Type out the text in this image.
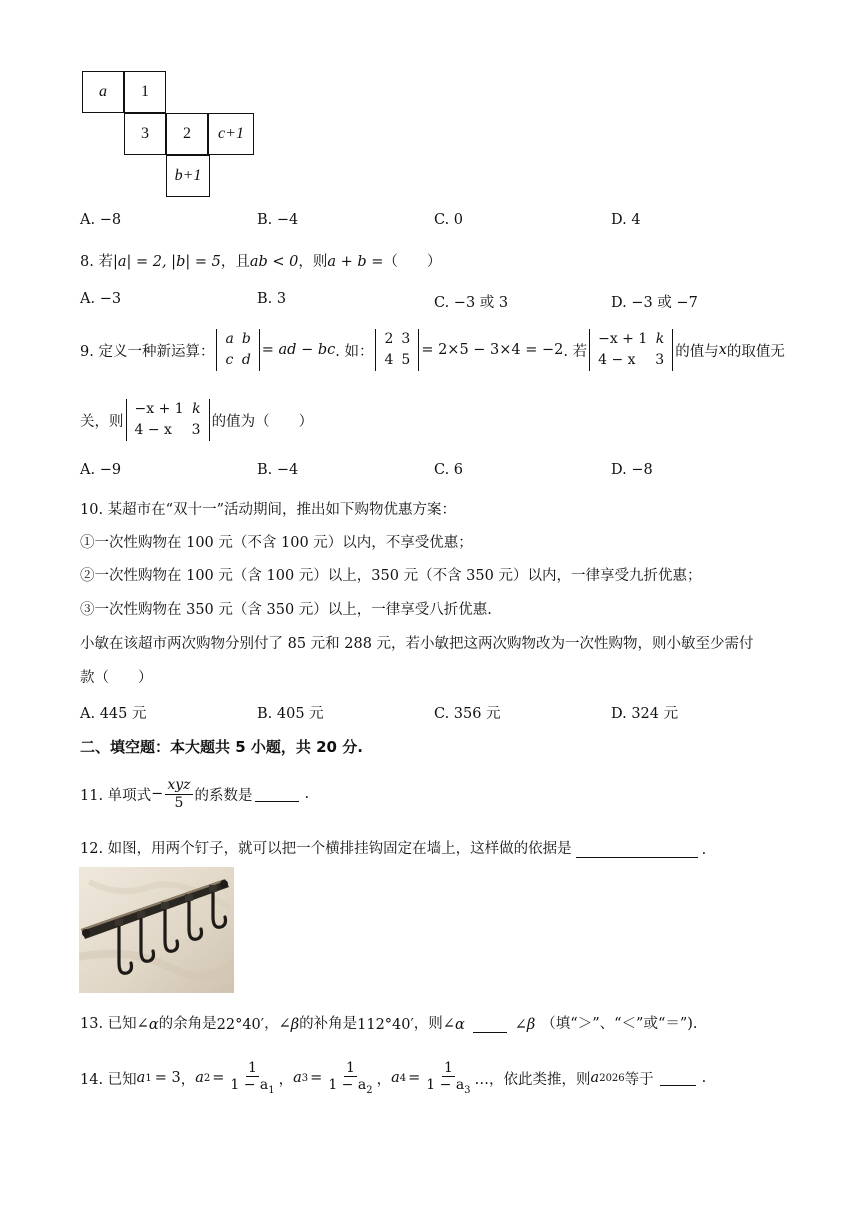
a	1
3	2	c+1
b+1
A. −8	B. −4	C. 0	D. 4
8. 若|a| = 2, |b| = 5，且ab < 0，则a + b =（　　）
A. −3	B. 3	C. −3 或 3	D. −3 或 −7
9. 定义一种新运算：
a	b
c	d
= ad − bc . 如：
2	3
4	5
= 2×5 − 3×4 = −2 . 若
−x + 1	k
4 − x	3
的值与 x 的取值无
关，则
−x + 1	k
4 − x	3
的值为（　　）
A. −9	B. −4	C. 6	D. −8
10. 某超市在“双十一”活动期间，推出如下购物优惠方案：
①一次性购物在 100 元（不含 100 元）以内，不享受优惠；
②一次性购物在 100 元（含 100 元）以上，350 元（不含 350 元）以内，一律享受九折优惠；
③一次性购物在 350 元（含 350 元）以上，一律享受八折优惠.
小敏在该超市两次购物分别付了 85 元和 288 元，若小敏把这两次购物改为一次性购物，则小敏至少需付
款（　　）
A. 445 元	B. 405 元	C. 356 元	D. 324 元
二、填空题：本大题共 5 小题，共 20 分.
11. 单项式 − $\frac{\text{xyz}}{5}$ 的系数是	.
12. 如图，用两个钉子，就可以把一个横排挂钩固定在墙上，这样做的依据是	.
13. 已知∠ α 的余角是 22°40′ ，∠ β 的补角是 112°40′ ，则∠ α	∠ β （填“＞”、“＜”或“＝”).
14. 已知 a 1 = 3 ， a $2 = \frac{1}{1 - a_1}$ ， a $3 = \frac{1}{1 - a_2}$ ， a $4 = \frac{1}{1 - a_3}$ …，依此类推，则 a 2026 等于	.
